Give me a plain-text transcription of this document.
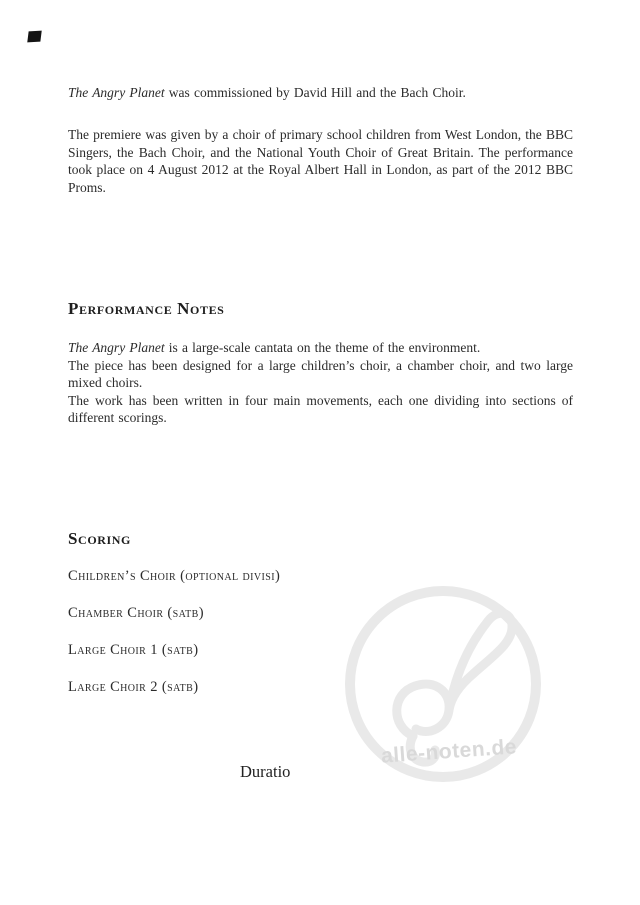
alle-noten.de

The Angry Planet was commissioned by David Hill and the Bach Choir.

The premiere was given by a choir of primary school children from West London, the BBC Singers, the Bach Choir, and the National Youth Choir of Great Britain. The performance took place on 4 August 2012 at the Royal Albert Hall in London, as part of the 2012 BBC Proms.

Performance Notes

The Angry Planet is a large-scale cantata on the theme of the environment.

The piece has been designed for a large children’s choir, a chamber choir, and two large mixed choirs.

The work has been written in four main movements, each one dividing into sections of different scorings.

Scoring
Children’s Choir (optional divisi)
Chamber Choir (satb)
Large Choir 1 (satb)
Large Choir 2 (satb)
Duratio
